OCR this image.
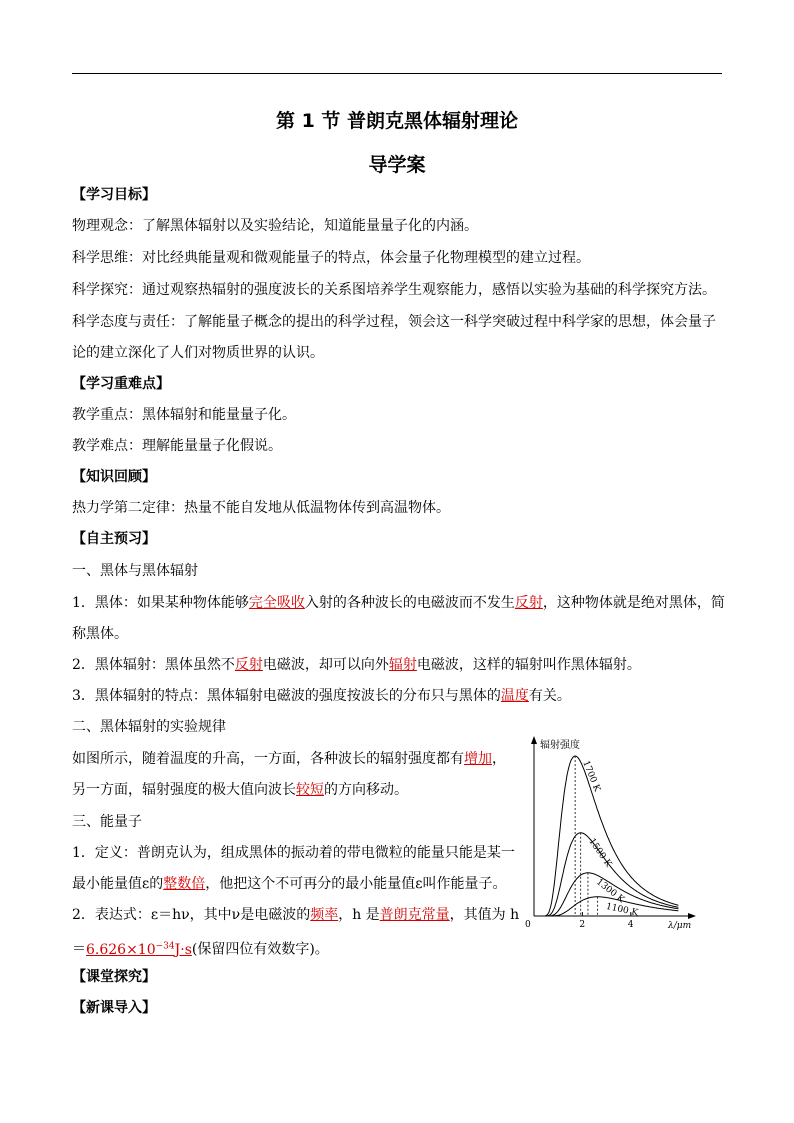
第 1 节 普朗克黑体辐射理论
导学案
【学习目标】
物理观念：了解黑体辐射以及实验结论，知道能量量子化的内涵。
科学思维：对比经典能量观和微观能量子的特点，体会量子化物理模型的建立过程。
科学探究：通过观察热辐射的强度波长的关系图培养学生观察能力，感悟以实验为基础的科学探究方法。
科学态度与责任：了解能量子概念的提出的科学过程，领会这一科学突破过程中科学家的思想，体会量子
论的建立深化了人们对物质世界的认识。
【学习重难点】
教学重点：黑体辐射和能量量子化。
教学难点：理解能量量子化假说。
【知识回顾】
热力学第二定律：热量不能自发地从低温物体传到高温物体。
【自主预习】
一、黑体与黑体辐射
1．黑体：如果某种物体能够完全吸收入射的各种波长的电磁波而不发生反射，这种物体就是绝对黑体，简
称黑体。
2．黑体辐射：黑体虽然不反射电磁波，却可以向外辐射电磁波，这样的辐射叫作黑体辐射。
3．黑体辐射的特点：黑体辐射电磁波的强度按波长的分布只与黑体的温度有关。
二、黑体辐射的实验规律
如图所示，随着温度的升高，一方面，各种波长的辐射强度都有增加，
另一方面，辐射强度的极大值向波长较短的方向移动。
三、能量子
1．定义：普朗克认为，组成黑体的振动着的带电微粒的能量只能是某一
最小能量值ε的整数倍，他把这个不可再分的最小能量值ε叫作能量子。
2．表达式：ε＝hν，其中ν是电磁波的频率，h 是普朗克常量，其值为 h
$=6.626\times 10^{-34}J\cdot s$(保留四位有效数字)。
【课堂探究】
【新课导入】
辐射强度
λ/μm
0	2	4
1700 K
1500 K
1300 K
1100 K
